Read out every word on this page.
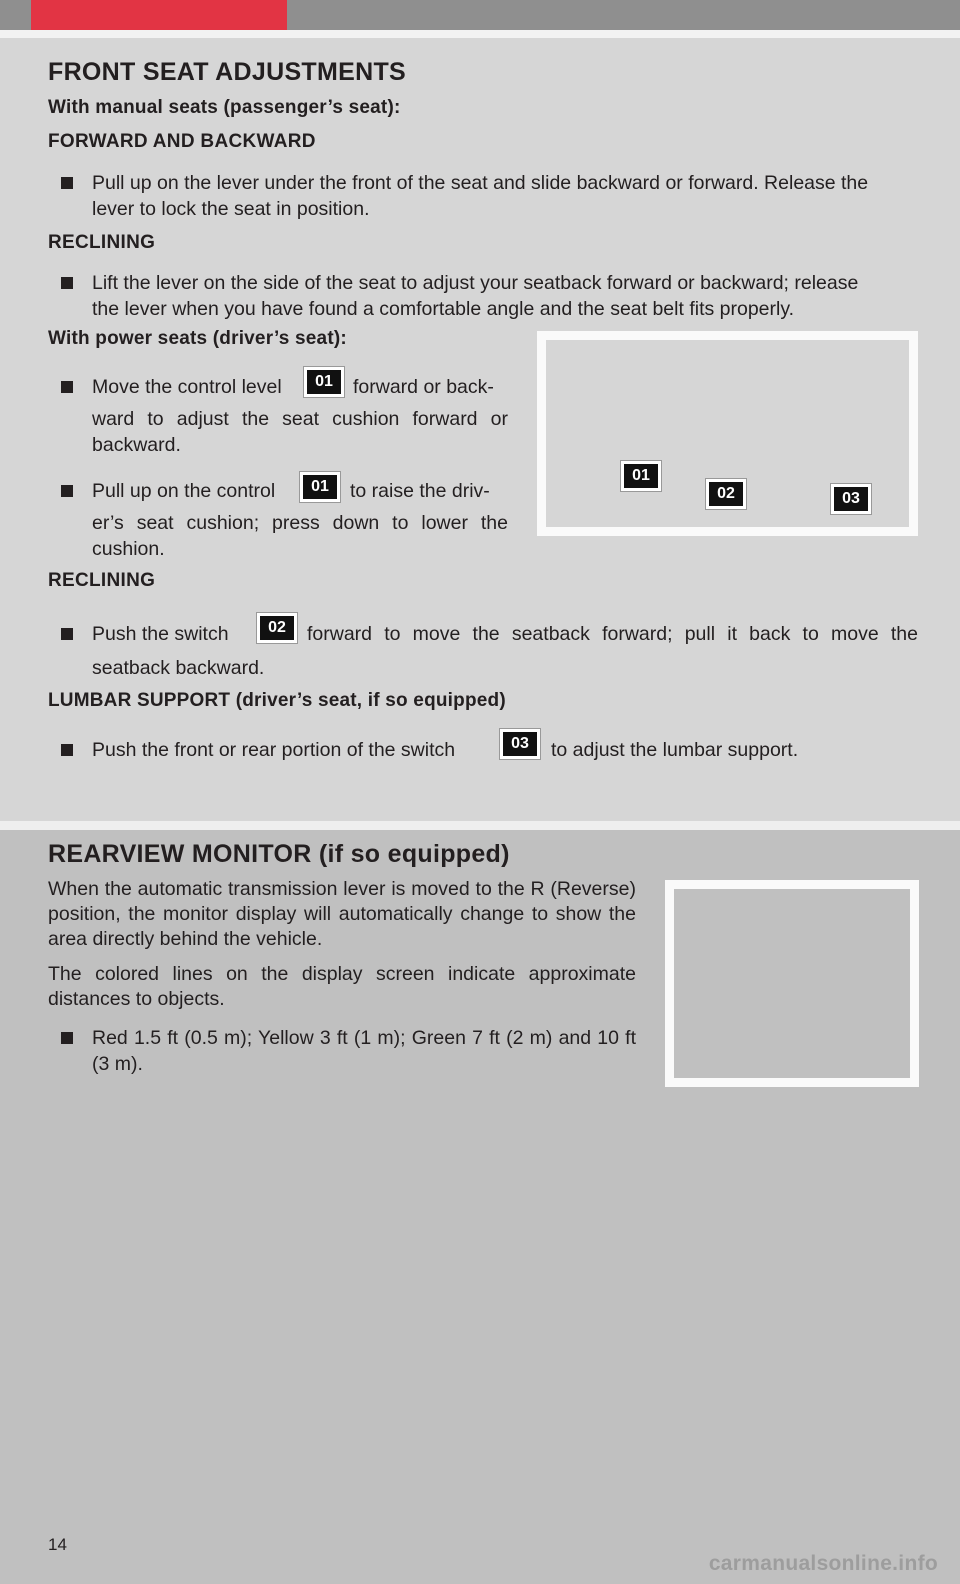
FRONT SEAT ADJUSTMENTS
With manual seats (passenger’s seat):
FORWARD AND BACKWARD
Pull up on the lever under the front of the seat and slide backward or forward. Release the
lever to lock the seat in position.
RECLINING
Lift the lever on the side of the seat to adjust your seatback forward or backward; release
the lever when you have found a comfortable angle and the seat belt fits properly.
With power seats (driver’s seat):
Move the control level	01	forward or back-
ward to adjust the seat cushion forward or
backward.
Pull up on the control	01	to raise the driv-
er’s seat cushion; press down to lower the
cushion.
01
02	03
RECLINING
Push the switch	02	forward to move the seatback forward; pull it back to move the
seatback backward.
LUMBAR SUPPORT (driver’s seat, if so equipped)
Push the front or rear portion of the switch	03	to adjust the lumbar support.
REARVIEW MONITOR (if so equipped)
When the automatic transmission lever is moved to the R (Reverse) position, the monitor display will automatically change to show the area directly behind the vehicle.
The colored lines on the display screen indicate approximate distances to objects.
Red 1.5 ft (0.5 m); Yellow 3 ft (1 m); Green 7 ft (2 m) and 10 ft (3 m).
14
carmanualsonline.info
